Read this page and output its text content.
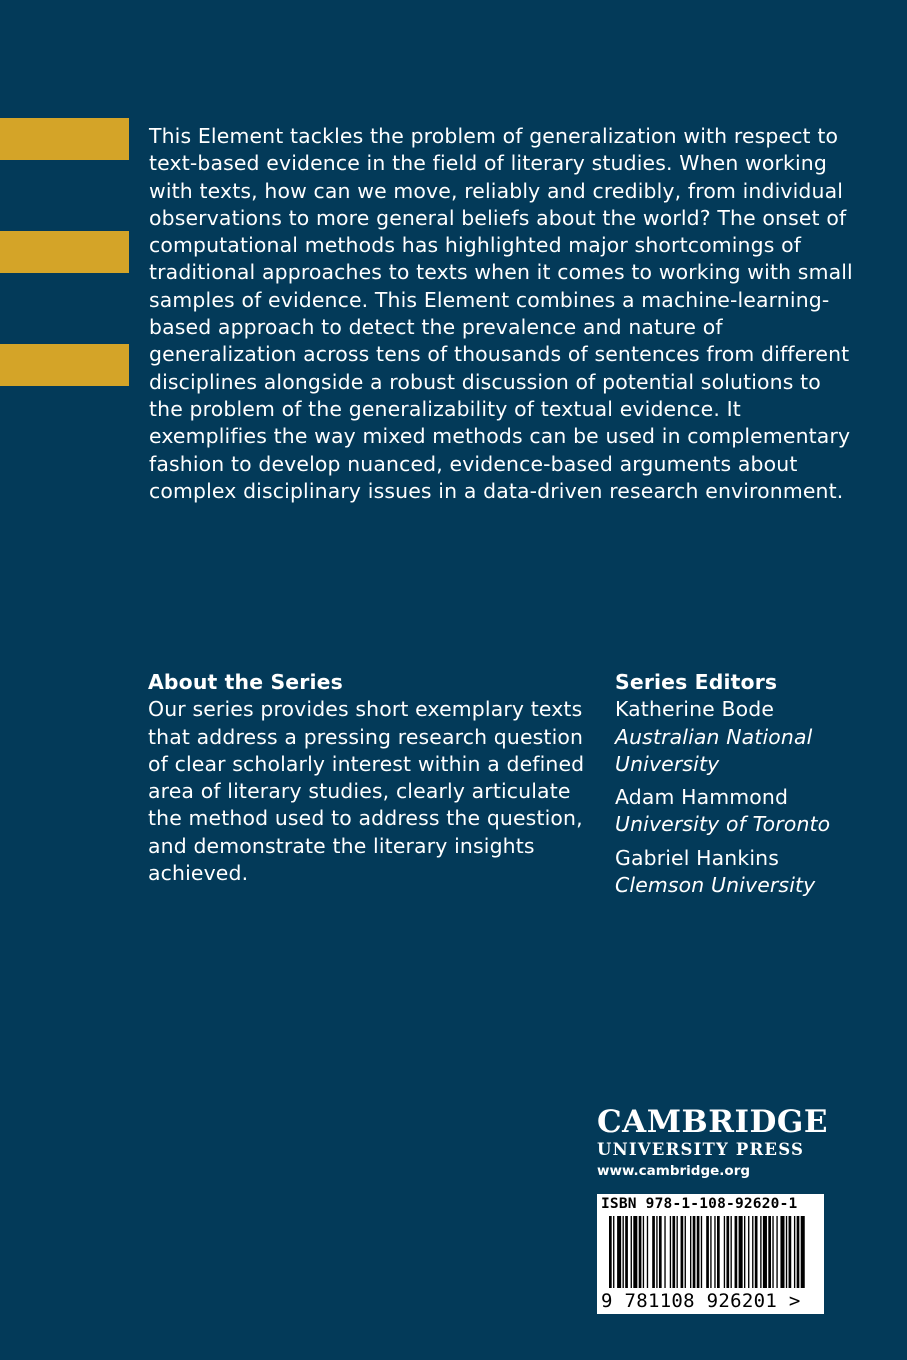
This Element tackles the problem of generalization with respect to text-based evidence in the field of literary studies. When working with texts, how can we move, reliably and credibly, from individual observations to more general beliefs about the world? The onset of computational methods has highlighted major shortcomings of traditional approaches to texts when it comes to working with small samples of evidence. This Element combines a machine-learning-based approach to detect the prevalence and nature of generalization across tens of thousands of sentences from different disciplines alongside a robust discussion of potential solutions to the problem of the generalizability of textual evidence. It exemplifies the way mixed methods can be used in complementary fashion to develop nuanced, evidence-based arguments about complex disciplinary issues in a data-driven research environment.

About the Series

Our series provides short exemplary texts that address a pressing research question of clear scholarly interest within a defined area of literary studies, clearly articulate the method used to address the question, and demonstrate the literary insights achieved.

Series Editors

Katherine Bode
Australian National University
Adam Hammond
University of Toronto
Gabriel Hankins
Clemson University
CAMBRIDGE
UNIVERSITY PRESS
www.cambridge.org
ISBN 978-1-108-92620-1
9 781108 926201 >
